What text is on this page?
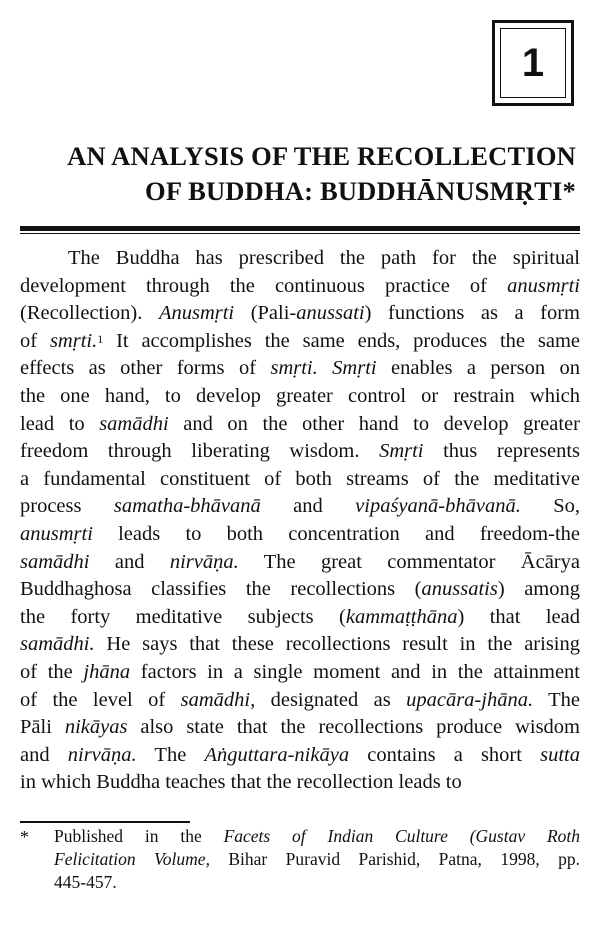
1
AN ANALYSIS OF THE RECOLLECTION
OF BUDDHA: BUDDHĀNUSMṚTI*
The Buddha has prescribed the path for the spiritual
development through the continuous practice of anusmṛti
(Recollection). Anusmṛti (Pali-anussati) functions as a form
of smṛti.$^1$ It accomplishes the same ends, produces the same
effects as other forms of smṛti. Smṛti enables a person on
the one hand, to develop greater control or restrain which
lead to samādhi and on the other hand to develop greater
freedom through liberating wisdom. Smṛti thus represents
a fundamental constituent of both streams of the meditative
process samatha-bhāvanā and vipaśyanā-bhāvanā. So,
anusmṛti leads to both concentration and freedom-the
samādhi and nirvāṇa. The great commentator Ācārya
Buddhaghosa classifies the recollections (anussatis) among
the forty meditative subjects (kammaṭṭhāna) that lead
samādhi. He says that these recollections result in the arising
of the jhāna factors in a single moment and in the attainment
of the level of samādhi, designated as upacāra-jhāna. The
Pāli nikāyas also state that the recollections produce wisdom
and nirvāṇa. The Aṅguttara-nikāya contains a short sutta
in which Buddha teaches that the recollection leads to
*	Published in the Facets of Indian Culture (Gustav Roth
Felicitation Volume, Bihar Puravid Parishid, Patna, 1998, pp.
445-457.
